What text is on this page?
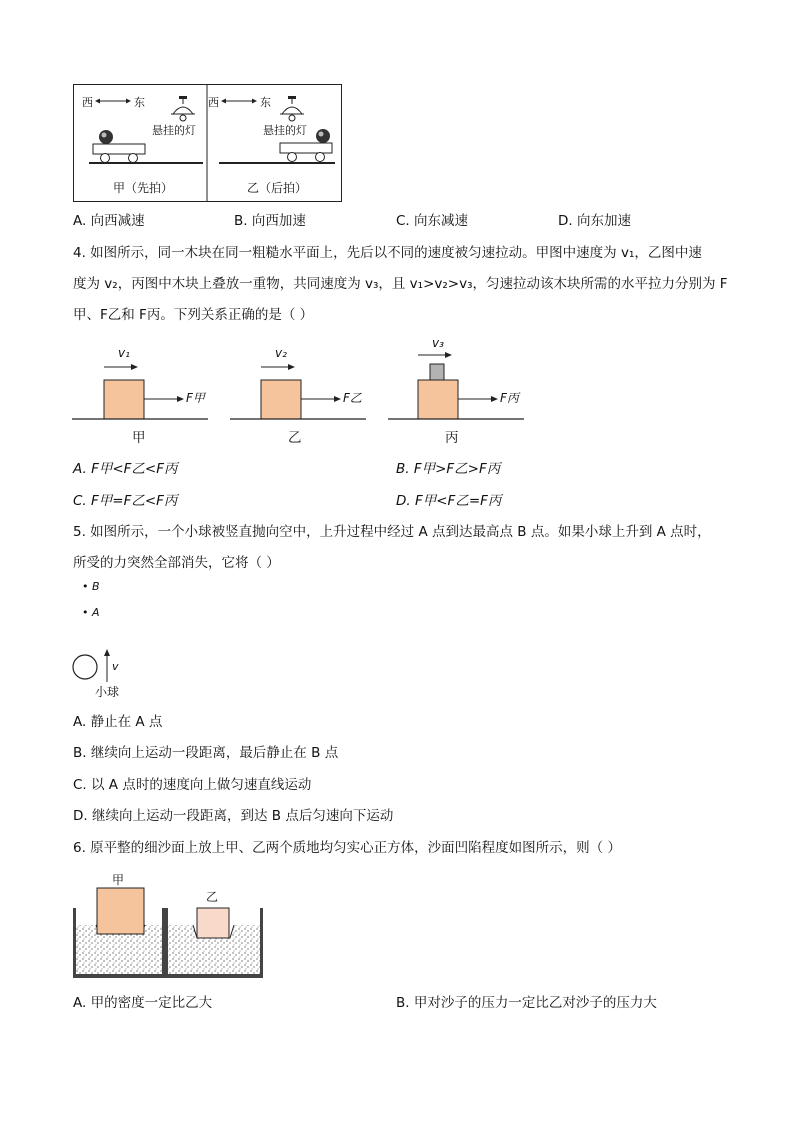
西	东
悬挂的灯
西	东
悬挂的灯
甲（先拍）	乙（后拍）
A. 向西减速	B. 向西加速	C. 向东减速	D. 向东加速
4. 如图所示，同一木块在同一粗糙水平面上，先后以不同的速度被匀速拉动。甲图中速度为 v₁，乙图中速
度为 v₂，丙图中木块上叠放一重物，共同速度为 v₃，且 v₁>v₂>v₃，匀速拉动该木块所需的水平拉力分别为 F
甲、F乙和 F丙。下列关系正确的是（ ）
v₁	v₂
v₃
F甲	F乙	F丙
甲	乙	丙
A. F甲<F乙<F丙	B. F甲>F乙>F丙
C. F甲=F乙<F丙	D. F甲<F乙=F丙
5. 如图所示，一个小球被竖直抛向空中，上升过程中经过 A 点到达最高点 B 点。如果小球上升到 A 点时，
所受的力突然全部消失，它将（ ）
• B
• A
v
小球
A. 静止在 A 点
B. 继续向上运动一段距离，最后静止在 B 点
C. 以 A 点时的速度向上做匀速直线运动
D. 继续向上运动一段距离，到达 B 点后匀速向下运动
6. 原平整的细沙面上放上甲、乙两个质地均匀实心正方体，沙面凹陷程度如图所示，则（ ）
甲
乙
A. 甲的密度一定比乙大	B. 甲对沙子的压力一定比乙对沙子的压力大
